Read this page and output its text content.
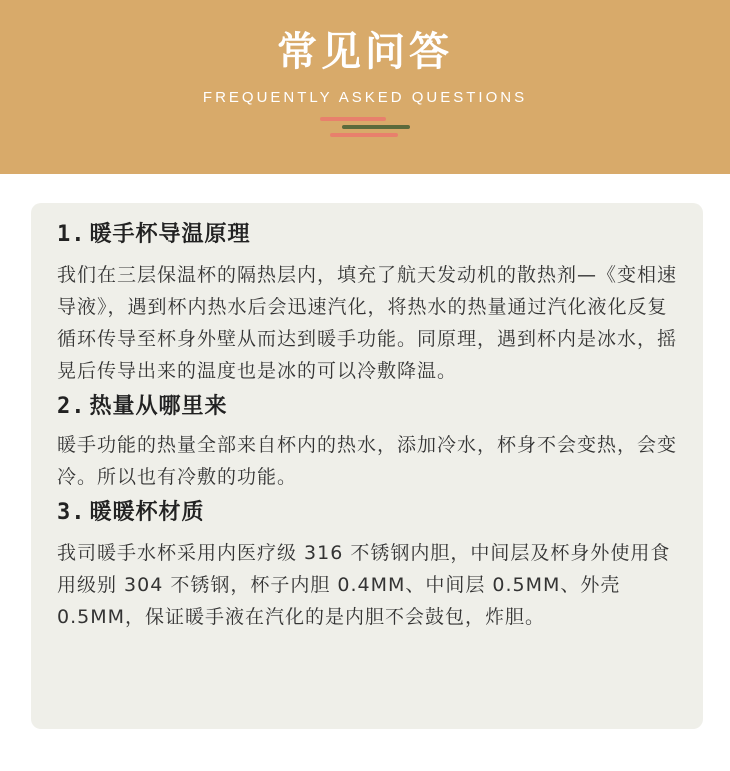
常见问答
FREQUENTLY ASKED QUESTIONS
1. 暖手杯导温原理

我们在三层保温杯的隔热层内，填充了航天发动机的散热剂—《变相速导液》，遇到杯内热水后会迅速汽化，将热水的热量通过汽化液化反复循环传导至杯身外壁从而达到暖手功能。同原理，遇到杯内是冰水，摇晃后传导出来的温度也是冰的可以冷敷降温。

2. 热量从哪里来

暖手功能的热量全部来自杯内的热水，添加冷水，杯身不会变热，会变冷。所以也有冷敷的功能。

3. 暖暖杯材质

我司暖手水杯采用内医疗级 316 不锈钢内胆，中间层及杯身外使用食用级别 304 不锈钢，杯子内胆 0.4MM、中间层 0.5MM、外壳 0.5MM，保证暖手液在汽化的是内胆不会鼓包，炸胆。
